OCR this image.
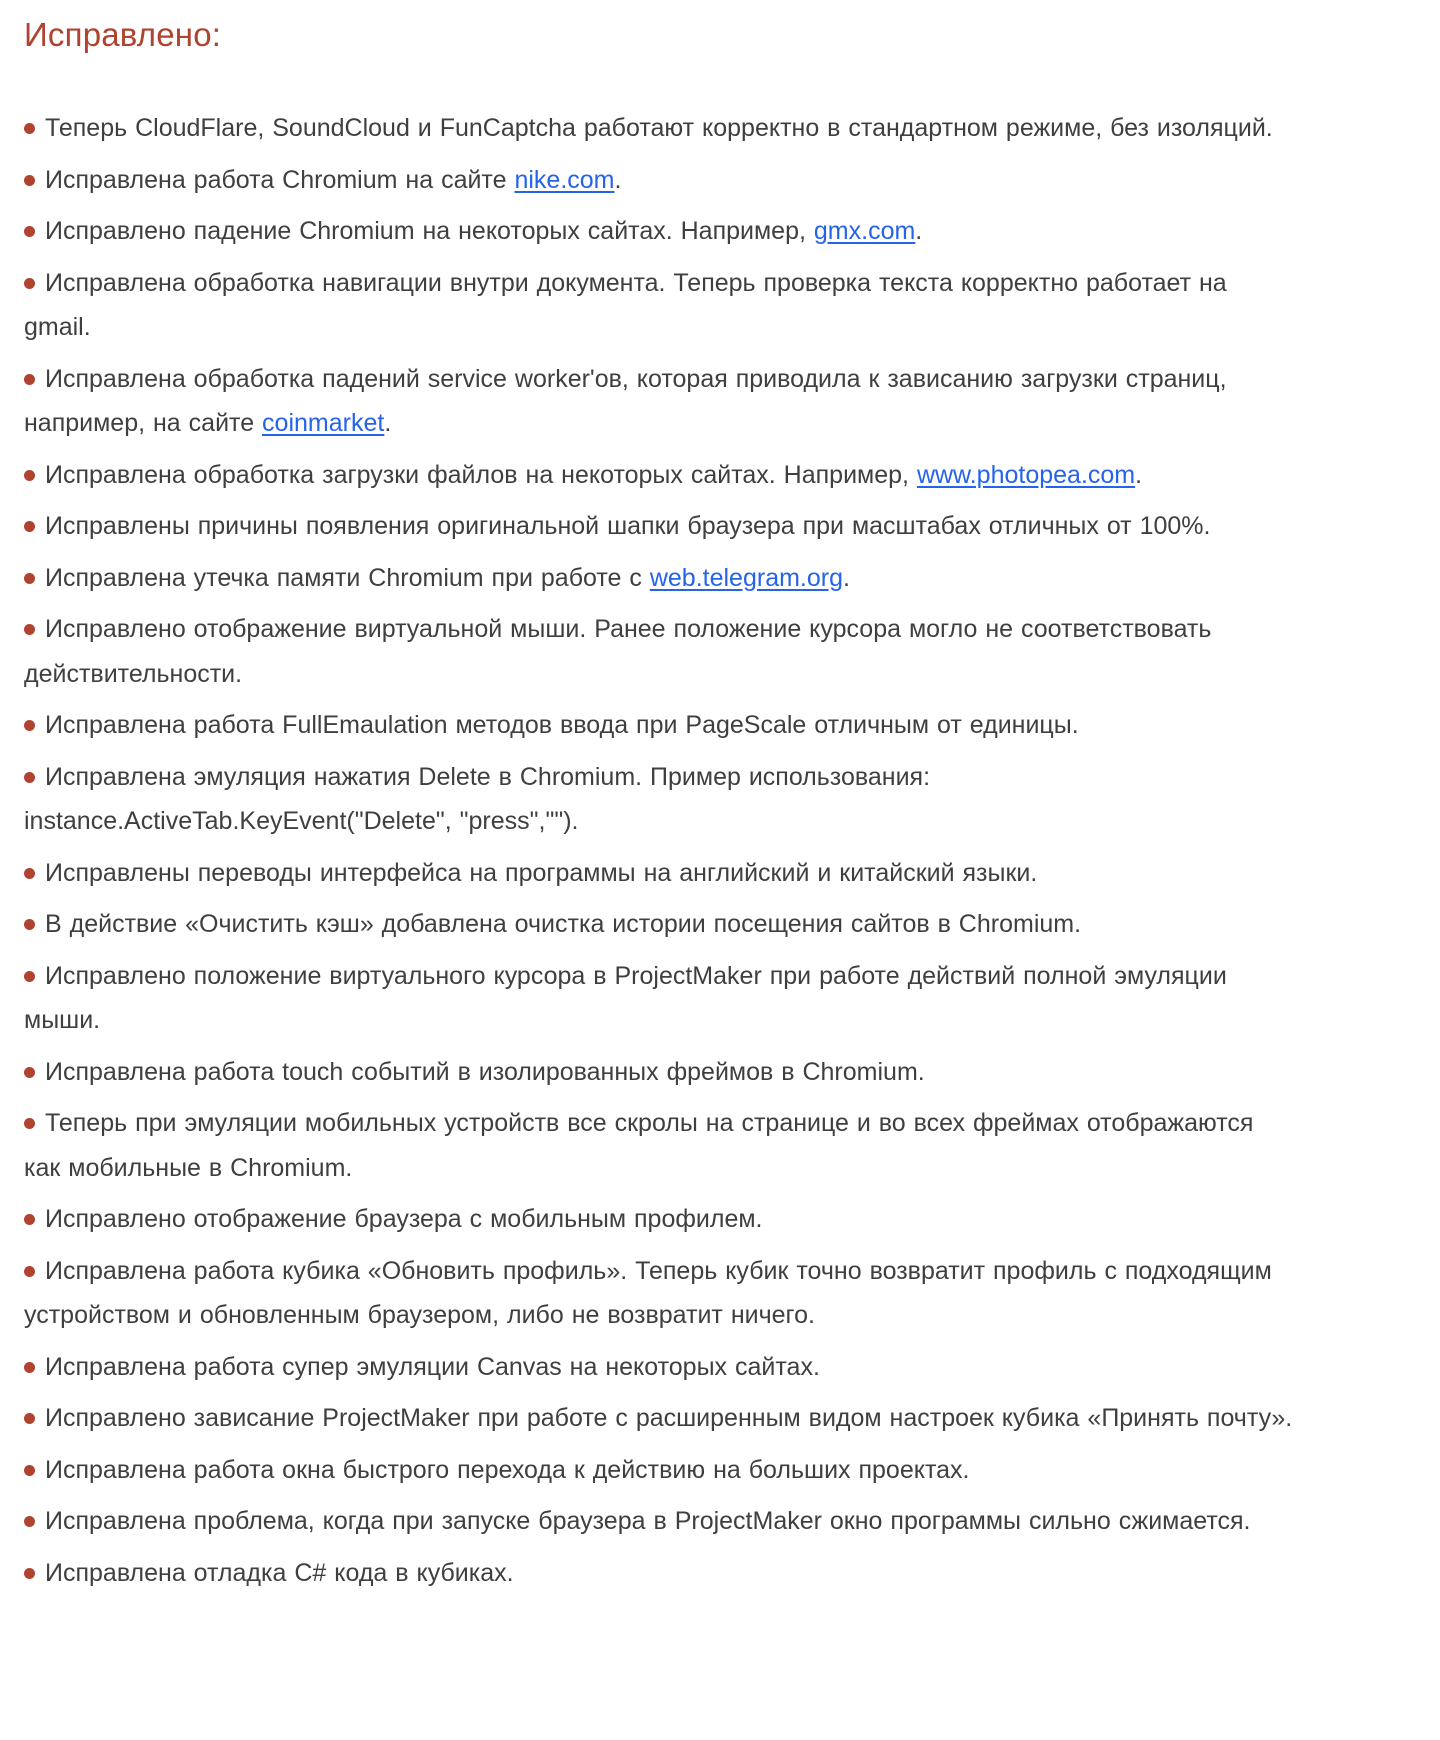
Исправлено:

Теперь CloudFlare, SoundCloud и FunCaptcha работают корректно в стандартном режиме, без изоляций.

Исправлена работа Chromium на сайте nike.com.

Исправлено падение Chromium на некоторых сайтах. Например, gmx.com.

Исправлена обработка навигации внутри документа. Теперь проверка текста корректно работает на gmail.

Исправлена обработка падений service worker'ов, которая приводила к зависанию загрузки страниц, например, на сайте coinmarket.

Исправлена обработка загрузки файлов на некоторых сайтах. Например, www.photopea.com.

Исправлены причины появления оригинальной шапки браузера при масштабах отличных от 100%.

Исправлена утечка памяти Chromium при работе с web.telegram.org.

Исправлено отображение виртуальной мыши. Ранее положение курсора могло не соответствовать действительности.

Исправлена работа FullEmaulation методов ввода при PageScale отличным от единицы.

Исправлена эмуляция нажатия Delete в Chromium. Пример использования: instance.ActiveTab.KeyEvent("Delete", "press","").

Исправлены переводы интерфейса на программы на английский и китайский языки.

В действие «Очистить кэш» добавлена очистка истории посещения сайтов в Chromium.

Исправлено положение виртуального курсора в ProjectMaker при работе действий полной эмуляции мыши.

Исправлена работа touch событий в изолированных фреймов в Chromium.

Теперь при эмуляции мобильных устройств все скролы на странице и во всех фреймах отображаются как мобильные в Chromium.

Исправлено отображение браузера с мобильным профилем.

Исправлена работа кубика «Обновить профиль». Теперь кубик точно возвратит профиль с подходящим устройством и обновленным браузером, либо не возвратит ничего.

Исправлена работа супер эмуляции Canvas на некоторых сайтах.

Исправлено зависание ProjectMaker при работе с расширенным видом настроек кубика «Принять почту».

Исправлена работа окна быстрого перехода к действию на больших проектах.

Исправлена проблема, когда при запуске браузера в ProjectMaker окно программы сильно сжимается.

Исправлена отладка C# кода в кубиках.
